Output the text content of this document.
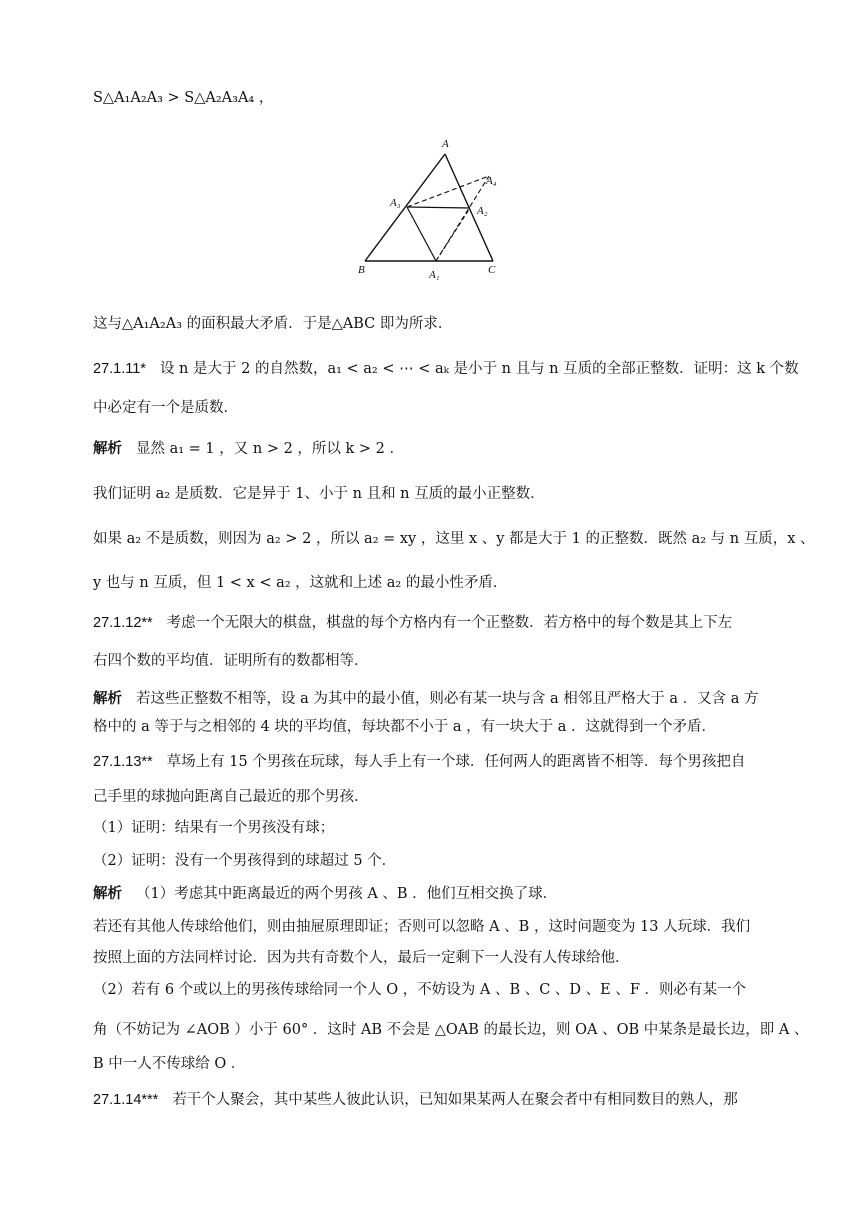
S△A₁A₂A₃ > S△A₂A₃A₄ ，
A
A₄
A₃
A₂
B	A₁	C
这与△A₁A₂A₃ 的面积最大矛盾．于是△ABC 即为所求．
27.1.11* 设 n 是大于 2 的自然数，a₁ < a₂ < ⋯ < aₖ 是小于 n 且与 n 互质的全部正整数．证明：这 k 个数
中必定有一个是质数．
解析 显然 a₁ = 1 ，又 n > 2 ，所以 k > 2 ．
我们证明 a₂ 是质数．它是异于 1、小于 n 且和 n 互质的最小正整数．
如果 a₂ 不是质数，则因为 a₂ > 2 ，所以 a₂ = xy ，这里 x 、y 都是大于 1 的正整数．既然 a₂ 与 n 互质，x 、
y 也与 n 互质，但 1 < x < a₂ ，这就和上述 a₂ 的最小性矛盾．
27.1.12** 考虑一个无限大的棋盘，棋盘的每个方格内有一个正整数．若方格中的每个数是其上下左
右四个数的平均值．证明所有的数都相等．
解析 若这些正整数不相等，设 a 为其中的最小值，则必有某一块与含 a 相邻且严格大于 a ．又含 a 方
格中的 a 等于与之相邻的 4 块的平均值，每块都不小于 a ，有一块大于 a ．这就得到一个矛盾．
27.1.13** 草场上有 15 个男孩在玩球，每人手上有一个球．任何两人的距离皆不相等．每个男孩把自
己手里的球抛向距离自己最近的那个男孩．
（1）证明：结果有一个男孩没有球；
（2）证明：没有一个男孩得到的球超过 5 个．
解析 （1）考虑其中距离最近的两个男孩 A 、B ．他们互相交换了球．
若还有其他人传球给他们，则由抽屉原理即证；否则可以忽略 A 、B ，这时问题变为 13 人玩球．我们
按照上面的方法同样讨论．因为共有奇数个人，最后一定剩下一人没有人传球给他．
（2）若有 6 个或以上的男孩传球给同一个人 O ，不妨设为 A 、B 、C 、D 、E 、F ．则必有某一个
角（不妨记为 ∠AOB ）小于 60° ．这时 AB 不会是 △OAB 的最长边，则 OA 、OB 中某条是最长边，即 A 、
B 中一人不传球给 O ．
27.1.14*** 若干个人聚会，其中某些人彼此认识，已知如果某两人在聚会者中有相同数目的熟人，那
